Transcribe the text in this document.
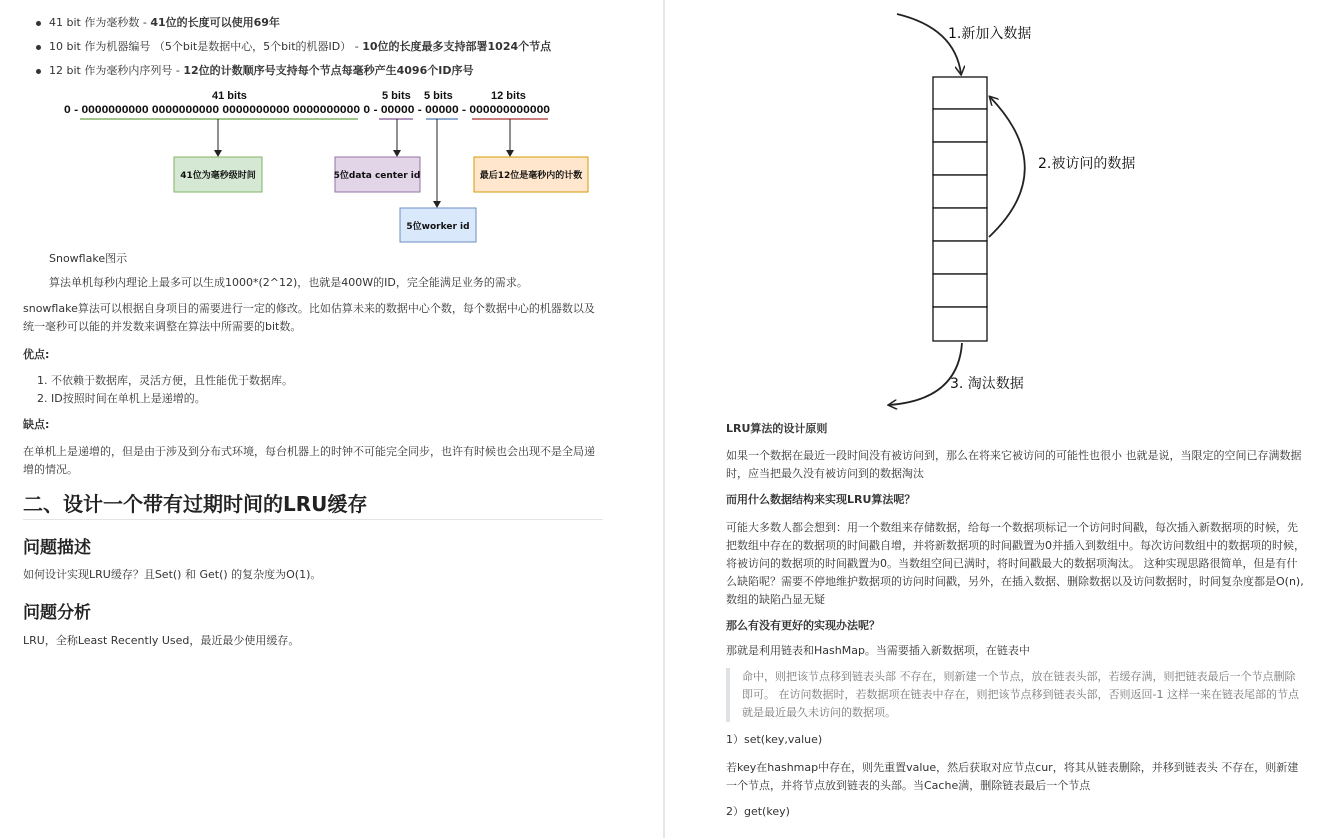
41 bit 作为毫秒数 - 41位的长度可以使用69年
10 bit 作为机器编号 （5个bit是数据中心，5个bit的机器ID） - 10位的长度最多支持部署1024个节点
12 bit 作为毫秒内序列号 - 12位的计数顺序号支持每个节点每毫秒产生4096个ID序号
41 bits	5 bits 5 bits	12 bits
0 - 0000000000 0000000000 0000000000 0000000000 0 - 00000 - 00000 - 000000000000
41位为毫秒级时间	5位data center id	最后12位是毫秒内的计数
5位worker id
Snowflake图示
算法单机每秒内理论上最多可以生成1000*(2^12)，也就是400W的ID，完全能满足业务的需求。
snowflake算法可以根据自身项目的需要进行一定的修改。比如估算未来的数据中心个数，每个数据中心的机器数以及统一毫秒可以能的并发数来调整在算法中所需要的bit数。
优点:
1. 不依赖于数据库，灵活方便，且性能优于数据库。
2. ID按照时间在单机上是递增的。
缺点:
在单机上是递增的，但是由于涉及到分布式环境，每台机器上的时钟不可能完全同步，也许有时候也会出现不是全局递增的情况。
二、设计一个带有过期时间的LRU缓存
问题描述
如何设计实现LRU缓存？且Set() 和 Get() 的复杂度为O(1)。
问题分析
LRU，全称Least Recently Used，最近最少使用缓存。
1.新加入数据
2.被访问的数据
3. 淘汰数据
LRU算法的设计原则
如果一个数据在最近一段时间没有被访问到，那么在将来它被访问的可能性也很小 也就是说，当限定的空间已存满数据时，应当把最久没有被访问到的数据淘汰
而用什么数据结构来实现LRU算法呢？
可能大多数人都会想到：用一个数组来存储数据，给每一个数据项标记一个访问时间戳，每次插入新数据项的时候，先把数组中存在的数据项的时间戳自增，并将新数据项的时间戳置为0并插入到数组中。每次访问数组中的数据项的时候，将被访问的数据项的时间戳置为0。当数组空间已满时，将时间戳最大的数据项淘汰。 这种实现思路很简单，但是有什么缺陷呢？需要不停地维护数据项的访问时间戳，另外，在插入数据、删除数据以及访问数据时，时间复杂度都是O(n),数组的缺陷凸显无疑
那么有没有更好的实现办法呢？
那就是利用链表和HashMap。当需要插入新数据项，在链表中
命中，则把该节点移到链表头部 不存在，则新建一个节点，放在链表头部，若缓存满，则把链表最后一个节点删除即可。 在访问数据时，若数据项在链表中存在，则把该节点移到链表头部，否则返回-1 这样一来在链表尾部的节点就是最近最久未访问的数据项。
1）set(key,value)
若key在hashmap中存在，则先重置value，然后获取对应节点cur，将其从链表删除，并移到链表头 不存在，则新建一个节点，并将节点放到链表的头部。当Cache满，删除链表最后一个节点
2）get(key)
